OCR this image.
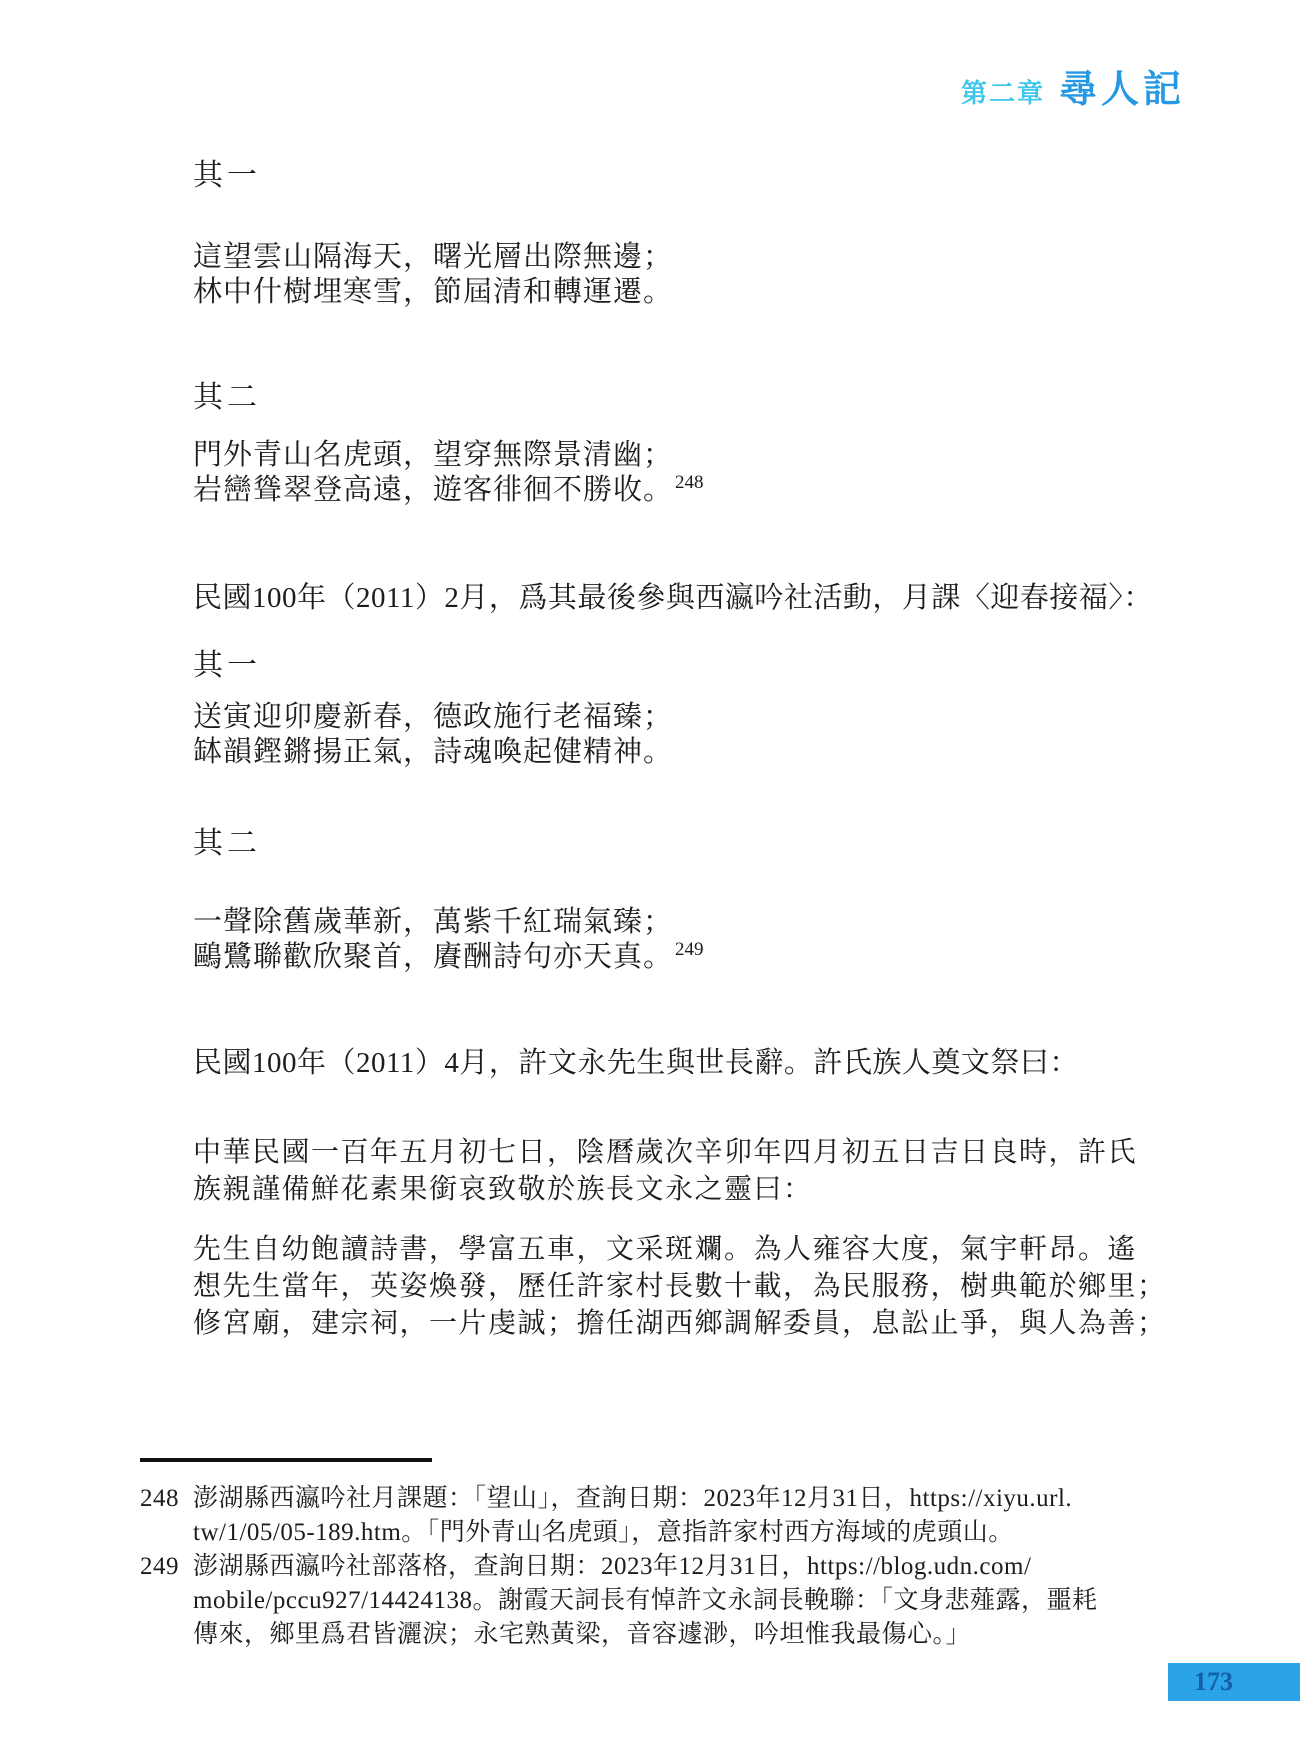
第二章 尋人記
其一
這望雲山隔海天，曙光層出際無邊；
林中什樹埋寒雪，節屆清和轉運遷。
其二
門外青山名虎頭，望穿無際景清幽；
岩巒聳翠登高遠，遊客徘徊不勝收。 $^{248}$
民國100年（2011）2月，爲其最後參與西瀛吟社活動，月課〈迎春接福〉：
其一
送寅迎卯慶新春，德政施行老福臻；
缽韻鏗鏘揚正氣，詩魂喚起健精神。
其二
一聲除舊歲華新，萬紫千紅瑞氣臻；
鷗鷺聯歡欣聚首，賡酬詩句亦天真。 $^{249}$
民國100年（2011）4月，許文永先生與世長辭。許氏族人奠文祭曰：
中華民國一百年五月初七日，陰曆歲次辛卯年四月初五日吉日良時，許氏
族親謹備鮮花素果銜哀致敬於族長文永之靈曰：
先生自幼飽讀詩書，學富五車，文采斑斕。為人雍容大度，氣宇軒昂。遙
想先生當年，英姿煥發，歷任許家村長數十載，為民服務，樹典範於鄉里；
修宮廟，建宗祠，一片虔誠；擔任湖西鄉調解委員，息訟止爭，與人為善；
248 澎湖縣西瀛吟社月課題：「望山」，查詢日期：2023年12月31日，https://xiyu.url.
tw/1/05/05-189.htm。「門外青山名虎頭」，意指許家村西方海域的虎頭山。
249 澎湖縣西瀛吟社部落格，查詢日期：2023年12月31日，https://blog.udn.com/
mobile/pccu927/14424138。謝霞天詞長有悼許文永詞長輓聯：「文身悲薤露，噩耗
傳來，鄉里爲君皆灑淚；永宅熟黃梁，音容遽渺，吟坦惟我最傷心。」
173
